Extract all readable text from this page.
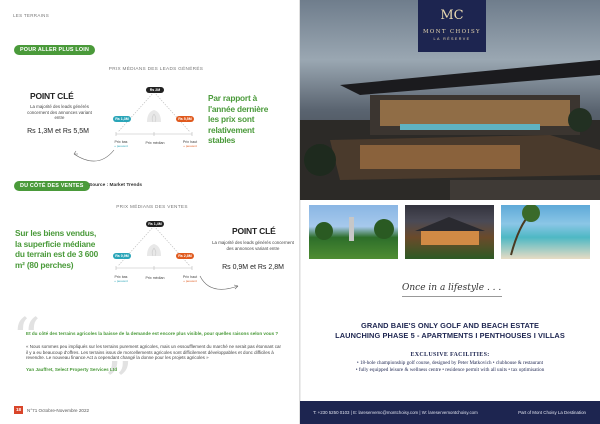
LES TERRAINS
POUR ALLER PLUS LOIN
PRIX MÉDIANS DES LEADS GÉNÉRÉS
Rs 2M
Rs 1,3M	Rs 5,5M
Prix bas
+ peuvent
Prix médian	Prix haut
+ peuvent
POINT CLÉ
La majorité des leads générés concernent des annonces variant entre
Rs 1,3M et Rs 5,5M
Par rapport à l'année dernière les prix sont relativement stables
DU CÔTÉ DES VENTES	Source : Market Trends
PRIX MÉDIANS DES VENTES
Rs 1,4M
Rs 0,9M	Rs 2,8M
Prix bas
+ peuvent
Prix médian	Prix haut
+ peuvent
Sur les biens vendus, la superficie médiane du terrain est de 3 600 m² (80 perches)
POINT CLÉ
La majorité des leads générés concernent des annonces variant entre
Rs 0,9M et Rs 2,8M
“
”
Et du côté des terrains agricoles la baisse de la demande est encore plus visible, pour quelles raisons selon vous ?
« Nous sommes peu impliqués sur les terrains purement agricoles, mais un essoufflement du marché ne serait pas étonnant car il y a eu beaucoup d'offres. Les terrains issus de morcellements agricoles sont difficilement développables et donc difficiles à revendre. Le nouveau finance Act a cependant changé la donne pour les projets agricoles »
Yan Jauffret, Select Property Services Ltd
18	N°71 Octobre-Novembre 2022
MC
MONT CHOISY
LA RÉSERVE
Once in a lifestyle . . .
GRAND BAIE'S ONLY GOLF AND BEACH ESTATE
LAUNCHING PHASE 5 - APARTMENTS I PENTHOUSES I VILLAS
EXCLUSIVE FACILITIES:
• 18-hole championship golf course, designed by Peter Matkovich • clubhouse & restaurant
• fully equipped leisure & wellness centre • residence permit with all units • tax optimisation
T: +230 5250 0103 | E: lareservemc@montchoisy.com | W: lareservemontchoisy.com	Part of Mont Choisy La Destination
